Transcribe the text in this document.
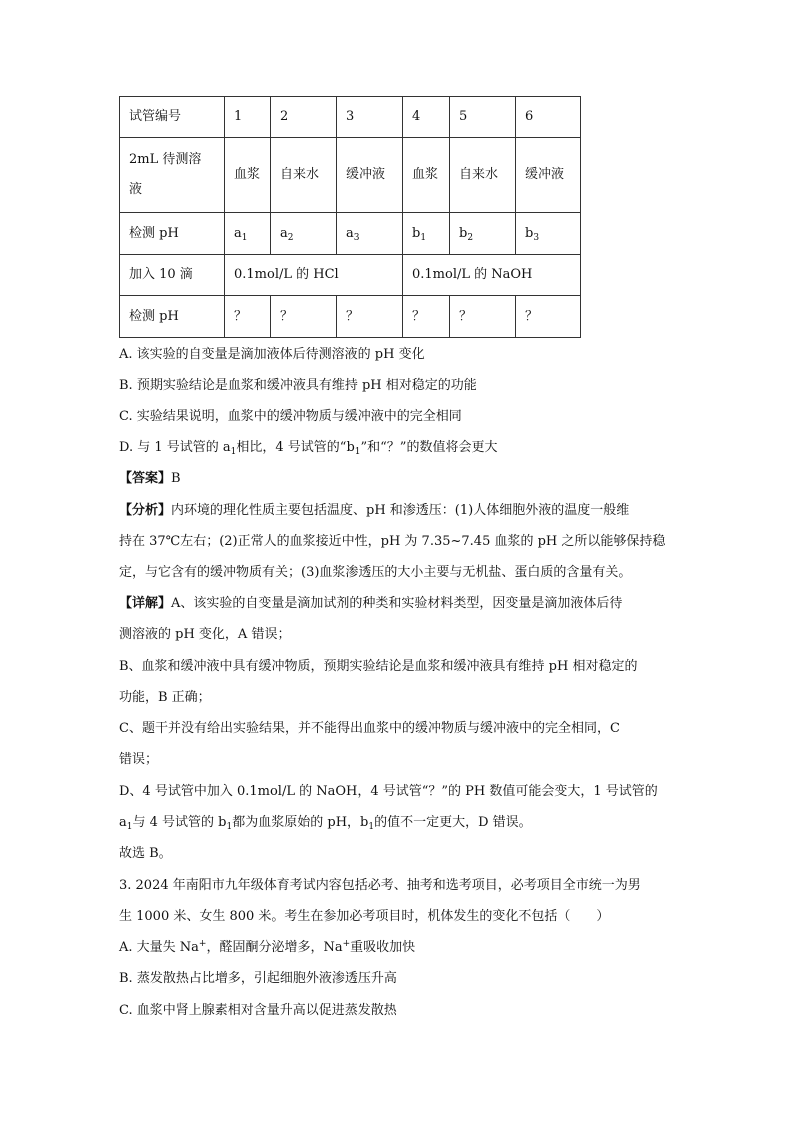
试管编号	1	2	3	4	5	6

2mL 待测溶
液	血浆	自来水	缓冲液	血浆	自来水	缓冲液
检测 pH	$a_1$	$a_2$	$a_3$	$b_1$	$b_2$	$b_3$
加入 10 滴	0.1mol/L 的 HCl			0.1mol/L 的 NaOH		
检测 pH	？	？	？	？	？	？
A. 该实验的自变量是滴加液体后待测溶液的 pH 变化
B. 预期实验结论是血浆和缓冲液具有维持 pH 相对稳定的功能
C. 实验结果说明，血浆中的缓冲物质与缓冲液中的完全相同
D. 与 1 号试管的 $a_1$相比，4 号试管的“$b_1$”和“？”的数值将会更大
【答案】B
【分析】内环境的理化性质主要包括温度、pH 和渗透压：(1)人体细胞外液的温度一般维
持在 37℃左右；(2)正常人的血浆接近中性，pH 为 7.35~7.45 血浆的 pH 之所以能够保持稳
定，与它含有的缓冲物质有关；(3)血浆渗透压的大小主要与无机盐、蛋白质的含量有关。
【详解】A、该实验的自变量是滴加试剂的种类和实验材料类型，因变量是滴加液体后待
测溶液的 pH 变化，A 错误；
B、血浆和缓冲液中具有缓冲物质，预期实验结论是血浆和缓冲液具有维持 pH 相对稳定的
功能，B 正确；
C、题干并没有给出实验结果，并不能得出血浆中的缓冲物质与缓冲液中的完全相同，C
错误；
D、4 号试管中加入 0.1mol/L 的 NaOH，4 号试管“？”的 PH 数值可能会变大，1 号试管的
$a_1$与 4 号试管的 $b_1$都为血浆原始的 pH，$b_1$的值不一定更大，D 错误。
故选 B。
3. 2024 年南阳市九年级体育考试内容包括必考、抽考和选考项目，必考项目全市统一为男
生 1000 米、女生 800 米。考生在参加必考项目时，机体发生的变化不包括（　　）
A. 大量失 Na+，醛固酮分泌增多，Na+重吸收加快
B. 蒸发散热占比增多，引起细胞外液渗透压升高
C. 血浆中肾上腺素相对含量升高以促进蒸发散热
